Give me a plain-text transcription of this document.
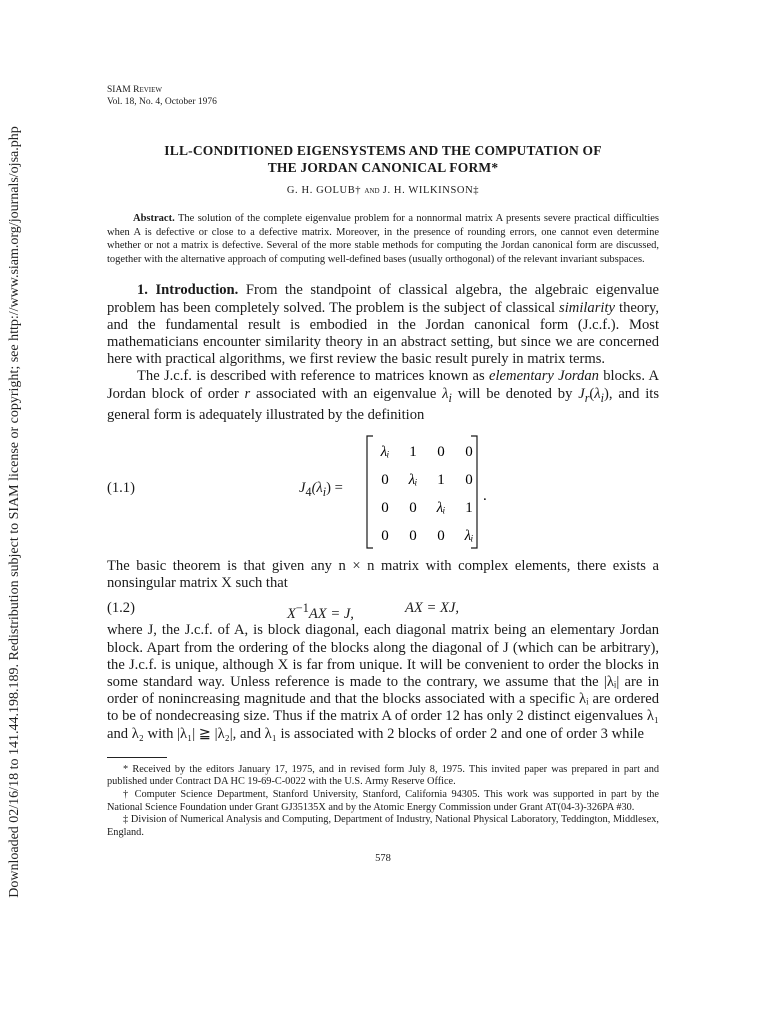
Downloaded 02/16/18 to 141.44.198.189. Redistribution subject to SIAM license or copyright; see http://www.siam.org/journals/ojsa.php
SIAM Review
Vol. 18, No. 4, October 1976
ILL-CONDITIONED EIGENSYSTEMS AND THE COMPUTATION OF
THE JORDAN CANONICAL FORM*
G. H. GOLUB† and J. H. WILKINSON‡
Abstract. The solution of the complete eigenvalue problem for a nonnormal matrix A presents severe practical difficulties when A is defective or close to a defective matrix. Moreover, in the presence of rounding errors, one cannot even determine whether or not a matrix is defective. Several of the more stable methods for computing the Jordan canonical form are discussed, together with the alternative approach of computing well-defined bases (usually orthogonal) of the relevant invariant subspaces.

1. Introduction. From the standpoint of classical algebra, the algebraic eigenvalue problem has been completely solved. The problem is the subject of classical similarity theory, and the fundamental result is embodied in the Jordan canonical form (J.c.f.). Most mathematicians encounter similarity theory in an abstract setting, but since we are concerned here with practical algorithms, we first review the basic result purely in matrix terms.

The J.c.f. is described with reference to matrices known as elementary Jordan blocks. A Jordan block of order r associated with an eigenvalue $\lambda_i$ will be denoted by $J_r(\lambda_i)$, and its general form is adequately illustrated by the definition

(1.1)	$J_4(\lambda_i)$ =
λᵢ 1 0 0
0 λᵢ 1 0
0 0 λᵢ 1
0 0 0 λᵢ
.

The basic theorem is that given any n × n matrix with complex elements, there exists a nonsingular matrix X such that

(1.2)	$X^{-1}AX = J$,	AX = XJ,

where J, the J.c.f. of A, is block diagonal, each diagonal matrix being an elementary Jordan block. Apart from the ordering of the blocks along the diagonal of J (which can be arbitrary), the J.c.f. is unique, although X is far from unique. It will be convenient to order the blocks in some standard way. Unless reference is made to the contrary, we assume that the |λᵢ| are in order of nonincreasing magnitude and that the blocks associated with a specific λᵢ are ordered to be of nondecreasing size. Thus if the matrix A of order 12 has only 2 distinct eigenvalues λ₁ and λ₂ with |λ₁| ≧ |λ₂|, and λ₁ is associated with 2 blocks of order 2 and one of order 3 while

* Received by the editors January 17, 1975, and in revised form July 8, 1975. This invited paper was prepared in part and published under Contract DA HC 19-69-C-0022 with the U.S. Army Reserve Office.

† Computer Science Department, Stanford University, Stanford, California 94305. This work was supported in part by the National Science Foundation under Grant GJ35135X and by the Atomic Energy Commission under Grant AT(04-3)-326PA #30.

‡ Division of Numerical Analysis and Computing, Department of Industry, National Physical Laboratory, Teddington, Middlesex, England.

578
